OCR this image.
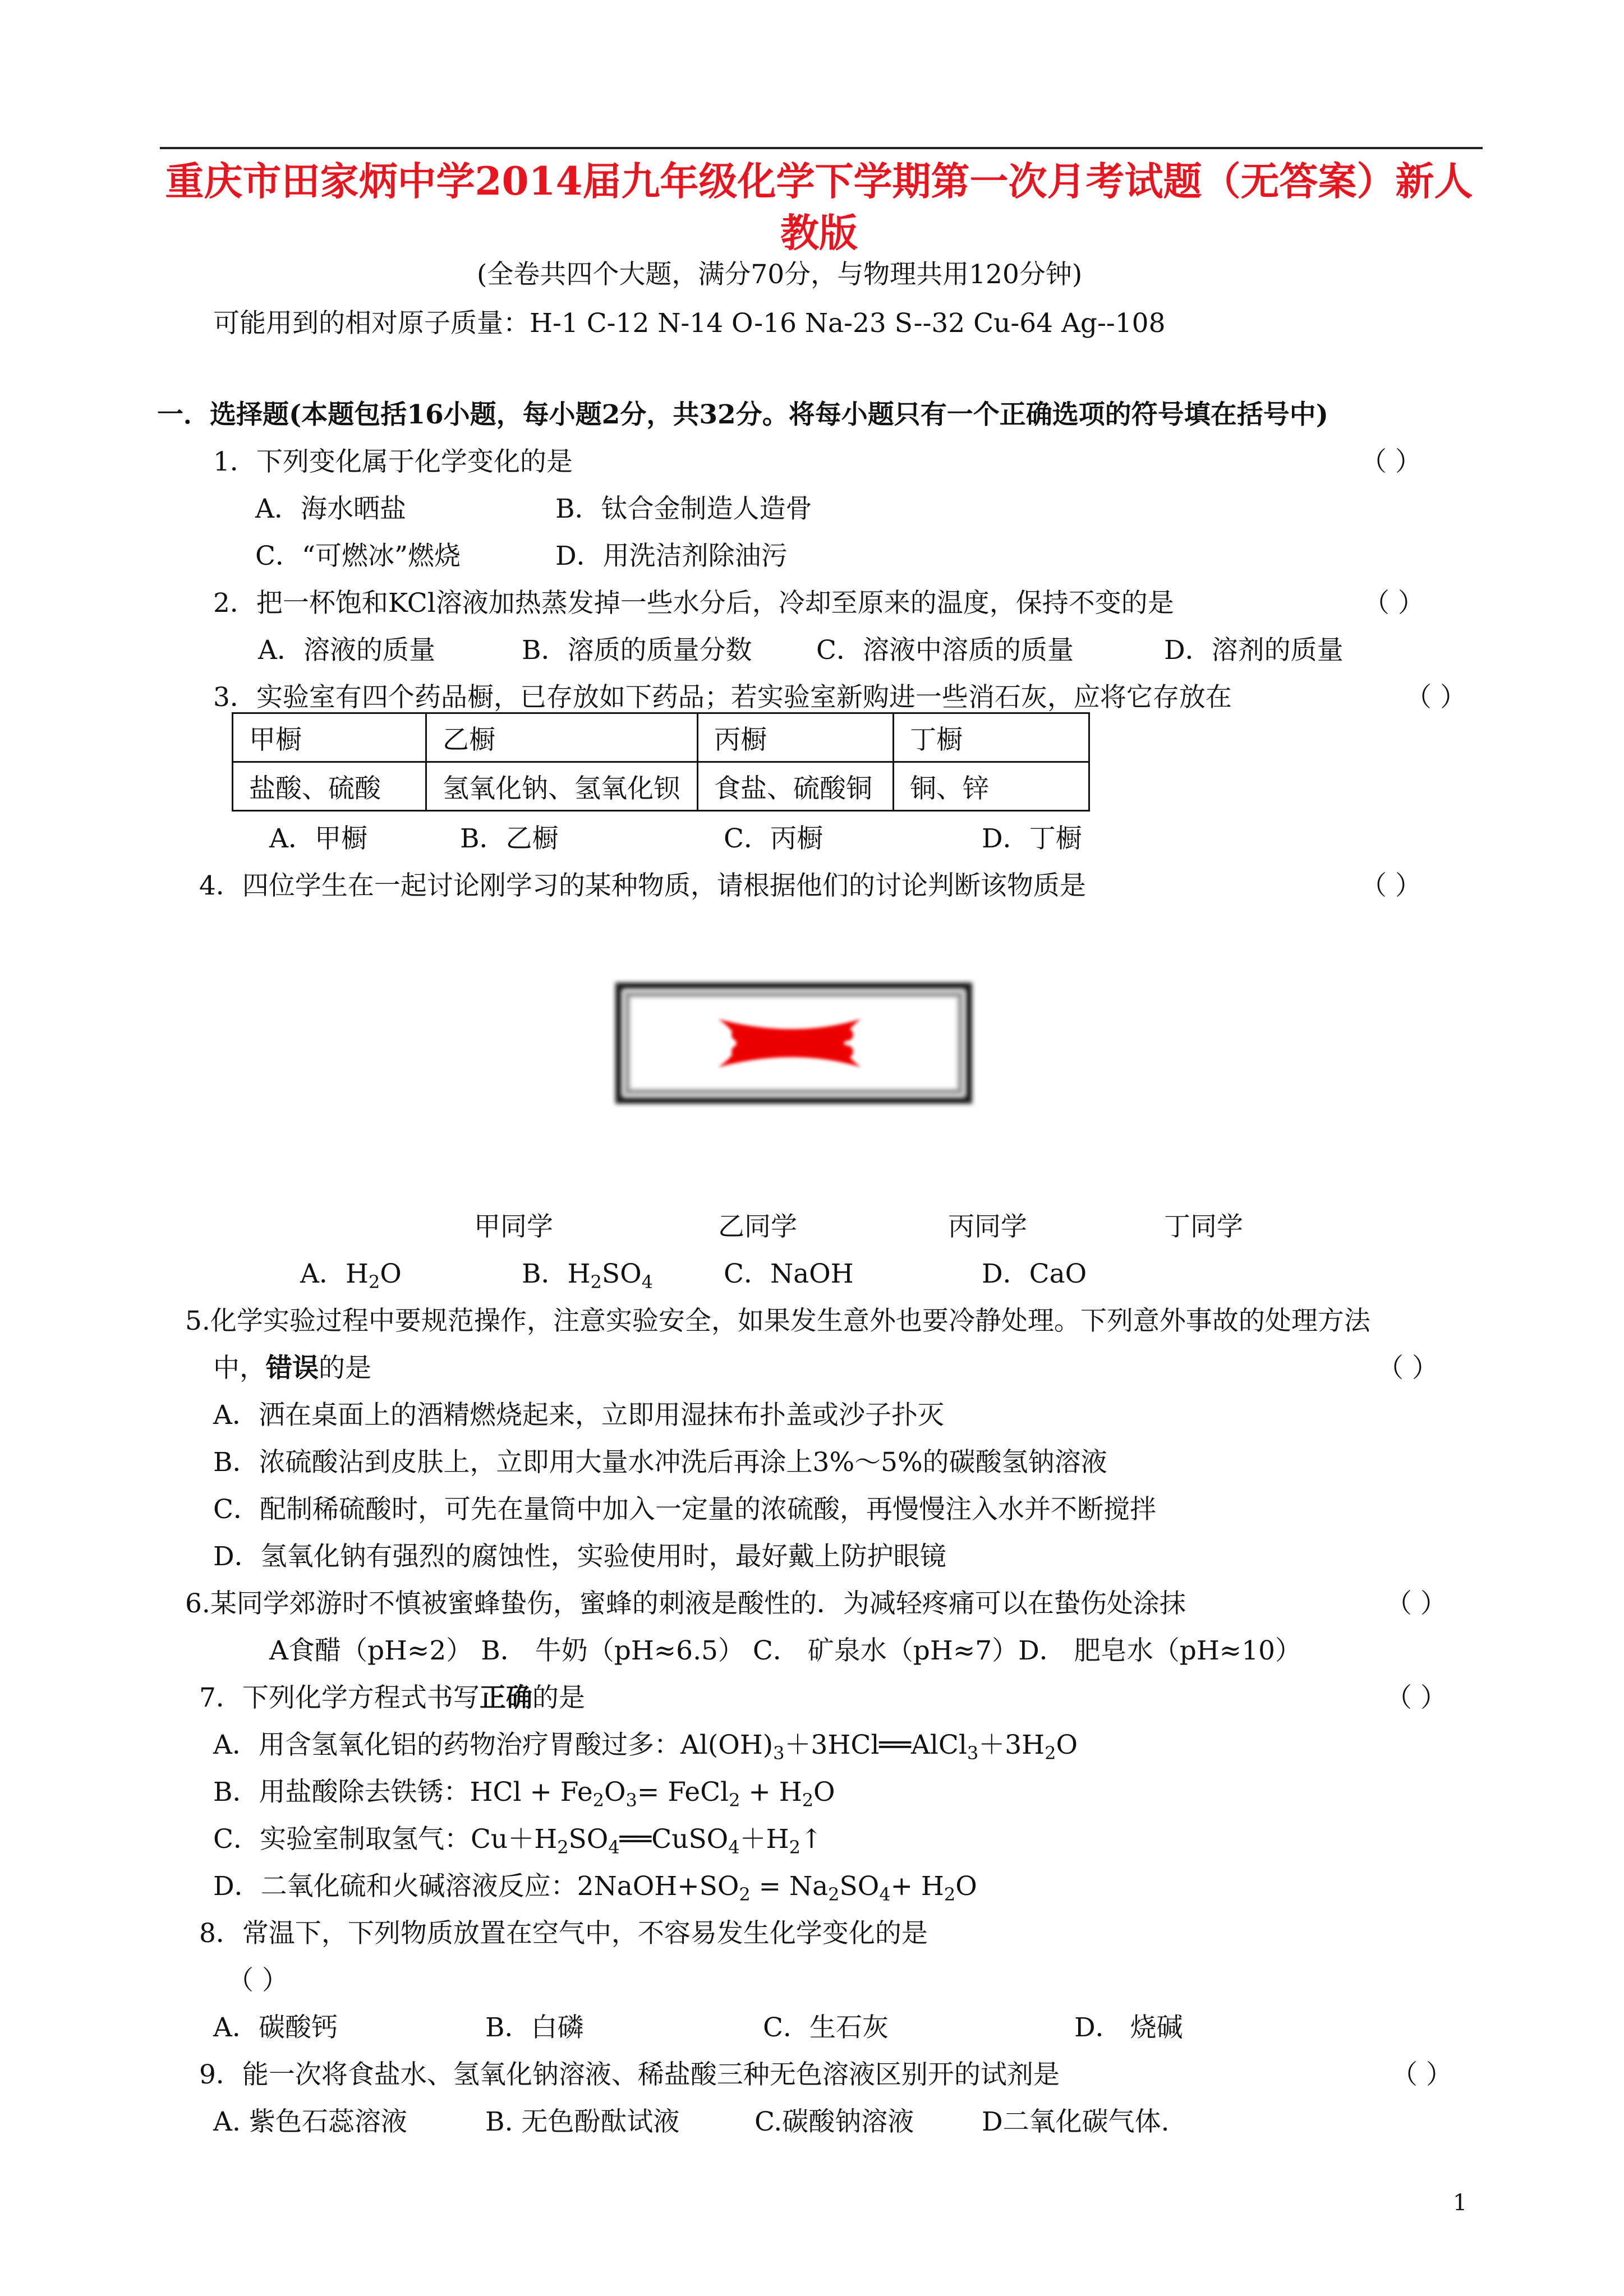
重庆市田家炳中学2014届九年级化学下学期第一次月考试题（无答案）新人教版
(全卷共四个大题，满分70分，与物理共用120分钟)
可能用到的相对原子质量：H-1 C-12 N-14 O-16 Na-23 S--32 Cu-64 Ag--108
一．选择题(本题包括16小题，每小题2分，共32分。将每小题只有一个正确选项的符号填在括号中)
1．下列变化属于化学变化的是	（ ）
A．海水晒盐	B．钛合金制造人造骨
C．“可燃冰”燃烧	D．用洗洁剂除油污
2．把一杯饱和KCl溶液加热蒸发掉一些水分后，冷却至原来的温度，保持不变的是	（ ）
A．溶液的质量	B．溶质的质量分数 C．溶液中溶质的质量	D．溶剂的质量
3．实验室有四个药品橱，已存放如下药品；若实验室新购进一些消石灰，应将它存放在	（ ）
甲橱	乙橱	丙橱	丁橱
盐酸、硫酸	氢氧化钠、氢氧化钡	食盐、硫酸铜	铜、锌
A．甲橱	B．乙橱	C．丙橱	D．丁橱
4．四位学生在一起讨论刚学习的某种物质，请根据他们的讨论判断该物质是	（ ）
甲同学	乙同学	丙同学	丁同学
A．$H_2O$	B．$H_2SO_4$	C．NaOH	D．CaO
5.化学实验过程中要规范操作，注意实验安全，如果发生意外也要冷静处理。下列意外事故的处理方法
中，错误的是	（ ）
A．洒在桌面上的酒精燃烧起来，立即用湿抹布扑盖或沙子扑灭
B．浓硫酸沾到皮肤上，立即用大量水冲洗后再涂上3%～5%的碳酸氢钠溶液
C．配制稀硫酸时，可先在量筒中加入一定量的浓硫酸，再慢慢注入水并不断搅拌
D．氢氧化钠有强烈的腐蚀性，实验使用时，最好戴上防护眼镜
6.某同学郊游时不慎被蜜蜂蛰伤，蜜蜂的刺液是酸性的．为减轻疼痛可以在蛰伤处涂抹	（ ）
A食醋（pH≈2） B． 牛奶（pH≈6.5） C． 矿泉水（pH≈7）D． 肥皂水（pH≈10）
7．下列化学方程式书写正确的是	（ ）
A．用含氢氧化铝的药物治疗胃酸过多：$Al(OH)_3+3HCl══AlCl_3+3H_2O$
B．用盐酸除去铁锈：HCl + $Fe_2O_3=$ FeCl$_2$ + $H_2O$
C．实验室制取氢气：$Cu+H_2SO_4══CuSO_4+H_2↑$
D．二氧化硫和火碱溶液反应：$2NaOH+SO_2 = Na_2SO_4+ H_2O$
8．常温下，下列物质放置在空气中，不容易发生化学变化的是
（ ）
A．碳酸钙	B．白磷	C．生石灰	D． 烧碱
9．能一次将食盐水、氢氧化钠溶液、稀盐酸三种无色溶液区别开的试剂是	（ ）
A. 紫色石蕊溶液	B. 无色酚酞试液	C.碳酸钠溶液	D二氧化碳气体.
1
